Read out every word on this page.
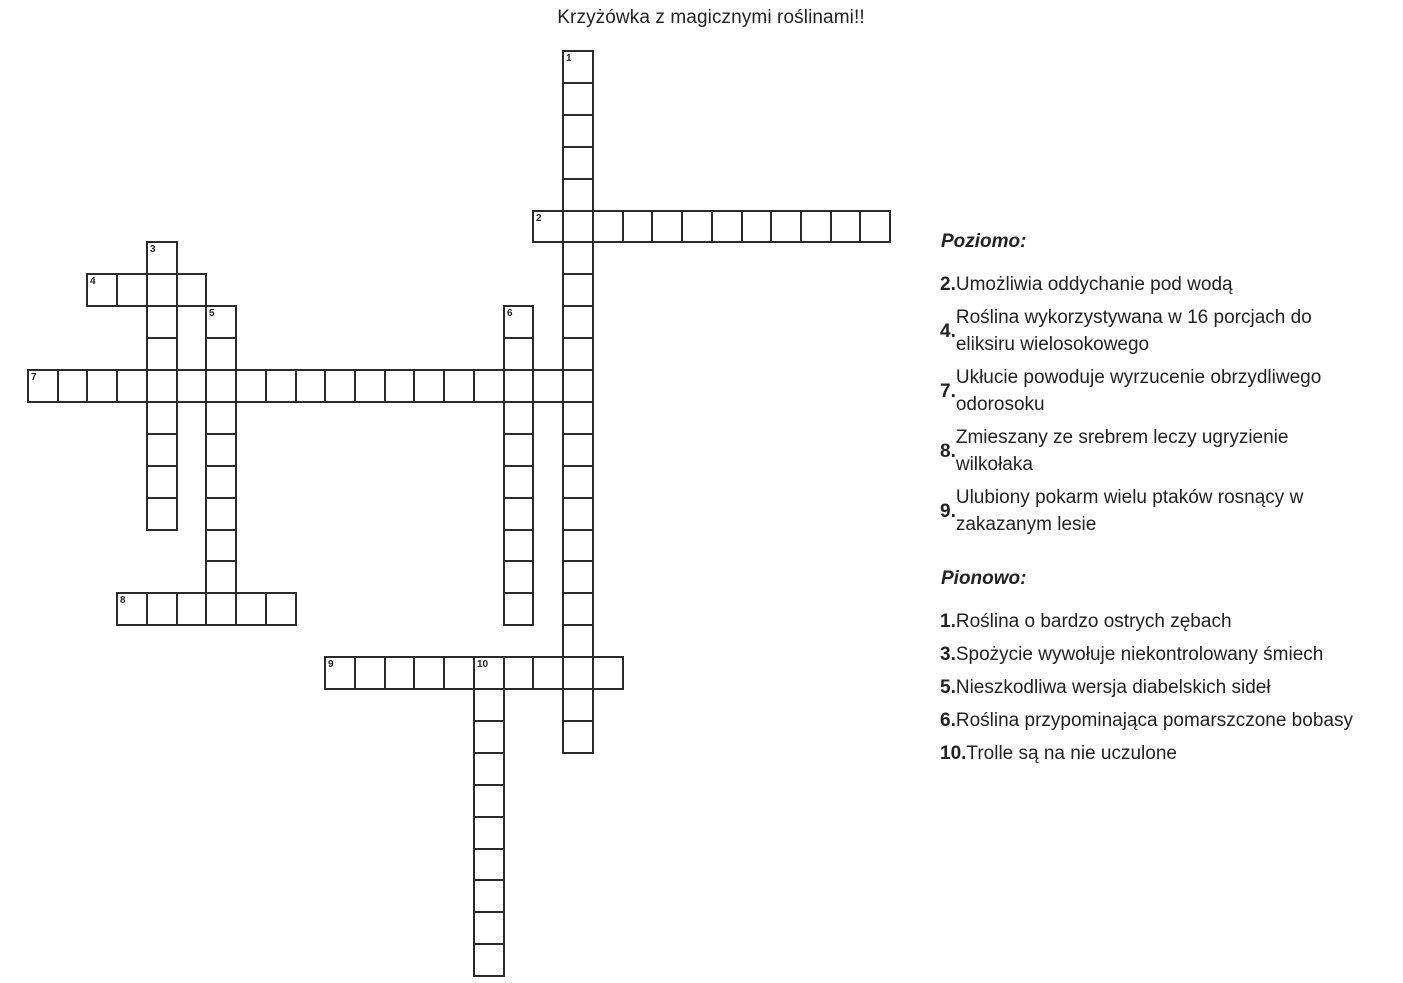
Krzyżówka z magicznymi roślinami!!
1
2
3
4
5	6
7
8
9	10
Poziomo:
2. Umożliwia oddychanie pod wodą
4.
Roślina wykorzystywana w 16 porcjach do eliksiru wielosokowego
7.
Ukłucie powoduje wyrzucenie obrzydliwego odorosoku
8.
Zmieszany ze srebrem leczy ugryzienie wilkołaka
9.
Ulubiony pokarm wielu ptaków rosnący w zakazanym lesie
Pionowo:
1. Roślina o bardzo ostrych zębach
3. Spożycie wywołuje niekontrolowany śmiech
5. Nieszkodliwa wersja diabelskich sideł
6. Roślina przypominająca pomarszczone bobasy
10. Trolle są na nie uczulone
